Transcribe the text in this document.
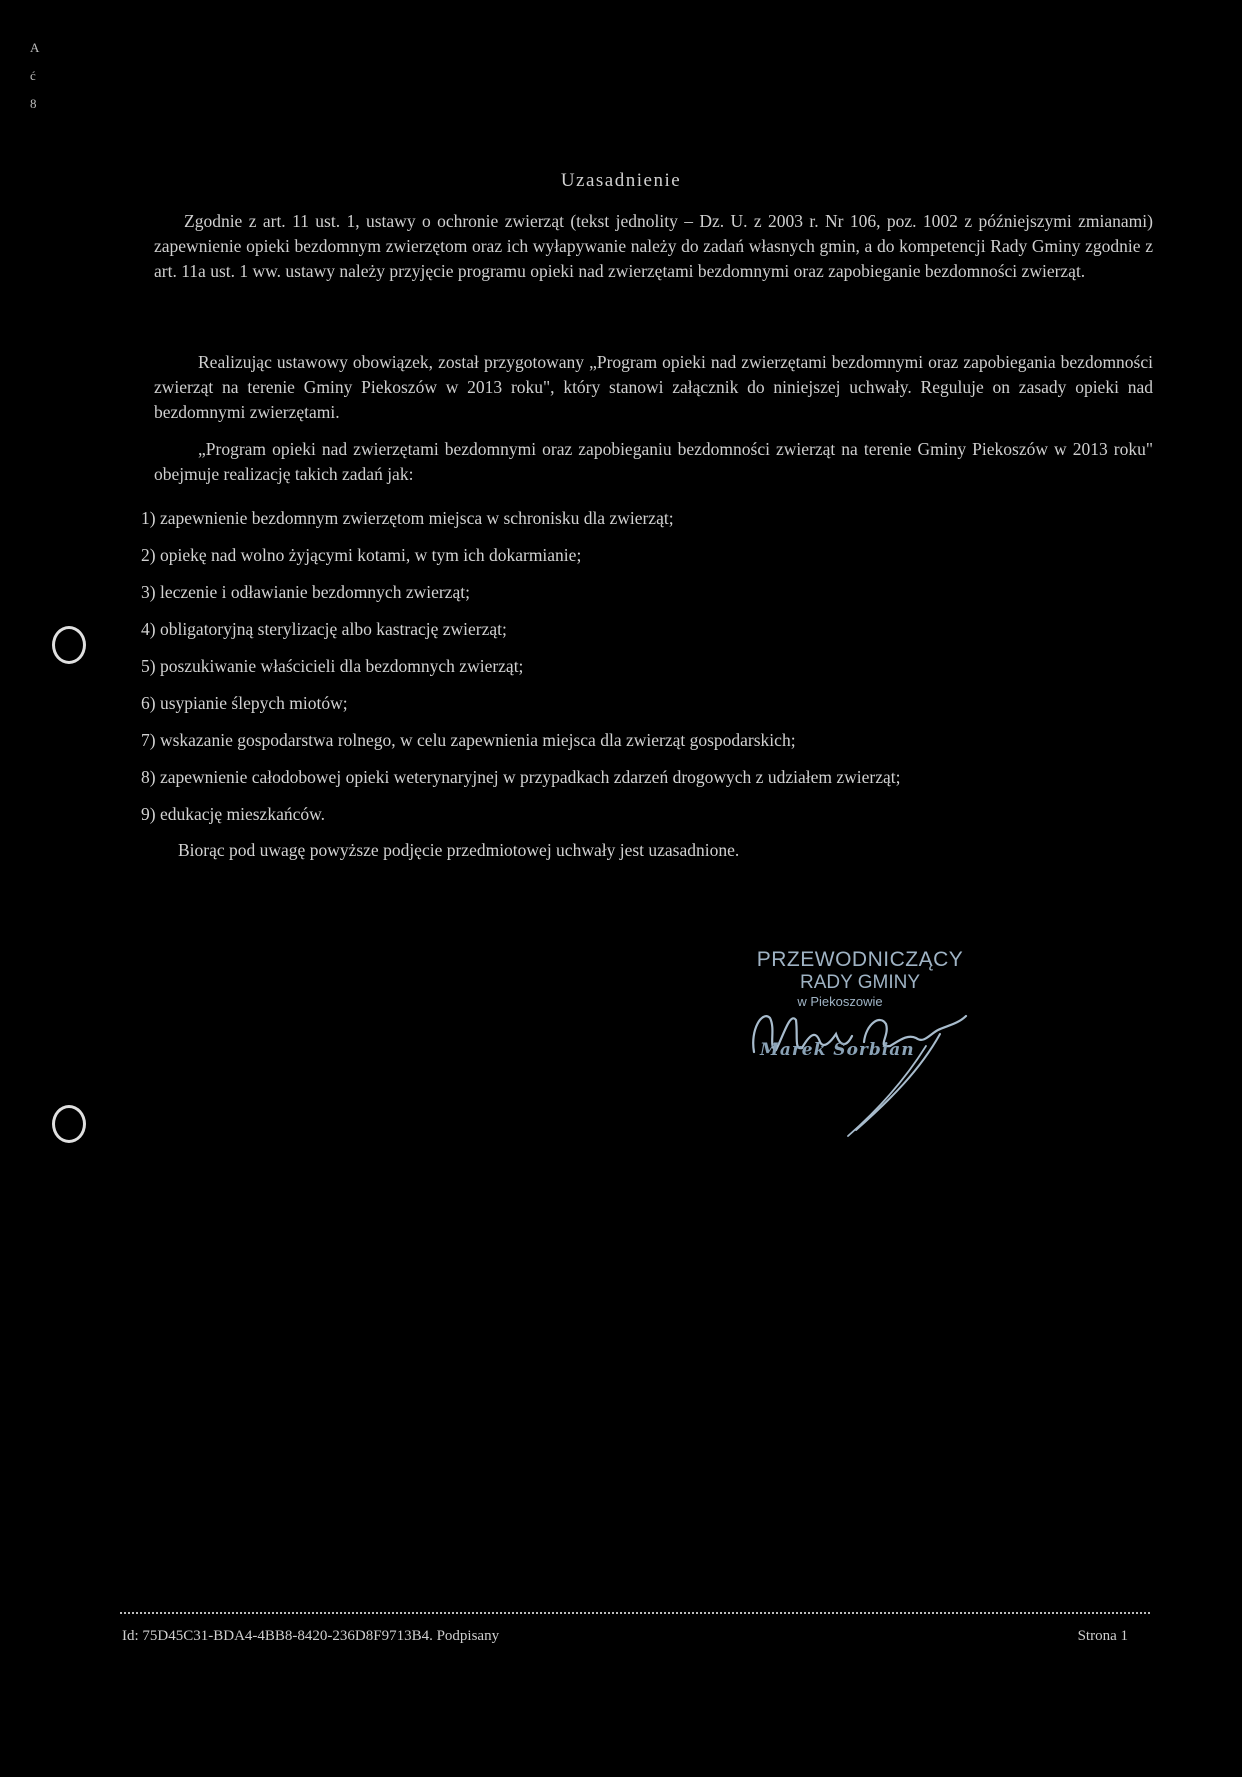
A
ć
8
Uzasadnienie
Zgodnie z art. 11 ust. 1, ustawy o ochronie zwierząt (tekst jednolity – Dz. U. z 2003 r. Nr 106, poz. 1002 z późniejszymi zmianami) zapewnienie opieki bezdomnym zwierzętom oraz ich wyłapywanie należy do zadań własnych gmin, a do kompetencji Rady Gminy zgodnie z art. 11a ust. 1 ww. ustawy należy przyjęcie programu opieki nad zwierzętami bezdomnymi oraz zapobieganie bezdomności zwierząt.
Realizując ustawowy obowiązek, został przygotowany „Program opieki nad zwierzętami bezdomnymi oraz zapobiegania bezdomności zwierząt na terenie Gminy Piekoszów w 2013 roku", który stanowi załącznik do niniejszej uchwały. Reguluje on zasady opieki nad bezdomnymi zwierzętami.
„Program opieki nad zwierzętami bezdomnymi oraz zapobieganiu bezdomności zwierząt na terenie Gminy Piekoszów w 2013 roku" obejmuje realizację takich zadań jak:
1) zapewnienie bezdomnym zwierzętom miejsca w schronisku dla zwierząt;
2) opiekę nad wolno żyjącymi kotami, w tym ich dokarmianie;
3) leczenie i odławianie bezdomnych zwierząt;
4) obligatoryjną sterylizację albo kastrację zwierząt;
5) poszukiwanie właścicieli dla bezdomnych zwierząt;
6) usypianie ślepych miotów;
7) wskazanie gospodarstwa rolnego, w celu zapewnienia miejsca dla zwierząt gospodarskich;
8) zapewnienie całodobowej opieki weterynaryjnej w przypadkach zdarzeń drogowych z udziałem zwierząt;
9) edukację mieszkańców.
Biorąc pod uwagę powyższe podjęcie przedmiotowej uchwały jest uzasadnione.
PRZEWODNICZĄCY
RADY GMINY
w Piekoszowie
Marek Sorbian
Id: 75D45C31-BDA4-4BB8-8420-236D8F9713B4. Podpisany	Strona 1
